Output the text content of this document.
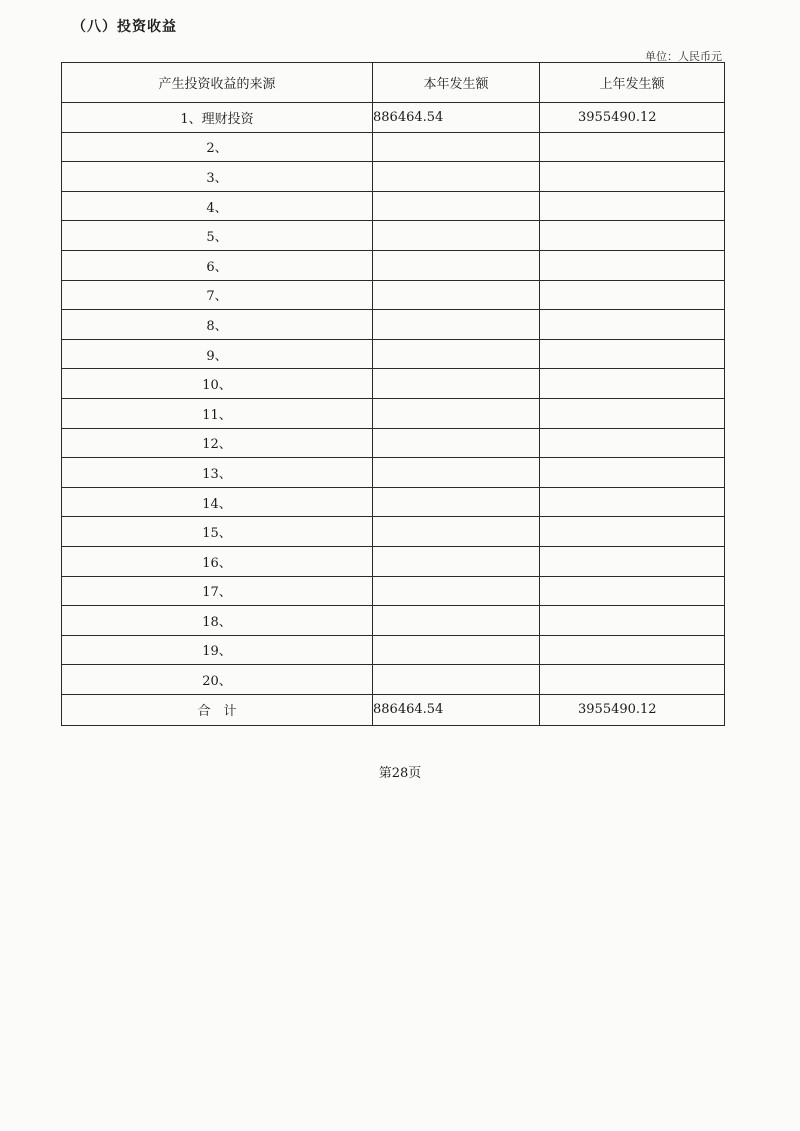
（八）投资收益
单位：人民币元
产生投资收益的来源	本年发生额	上年发生额
1、理财投资	886464.54	3955490.12
2、		
3、		
4、		
5、		
6、		
7、		
8、		
9、		
10、		
11、		
12、		
13、		
14、		
15、		
16、		
17、		
18、		
19、		
20、		
合　计	886464.54	3955490.12
第28页
